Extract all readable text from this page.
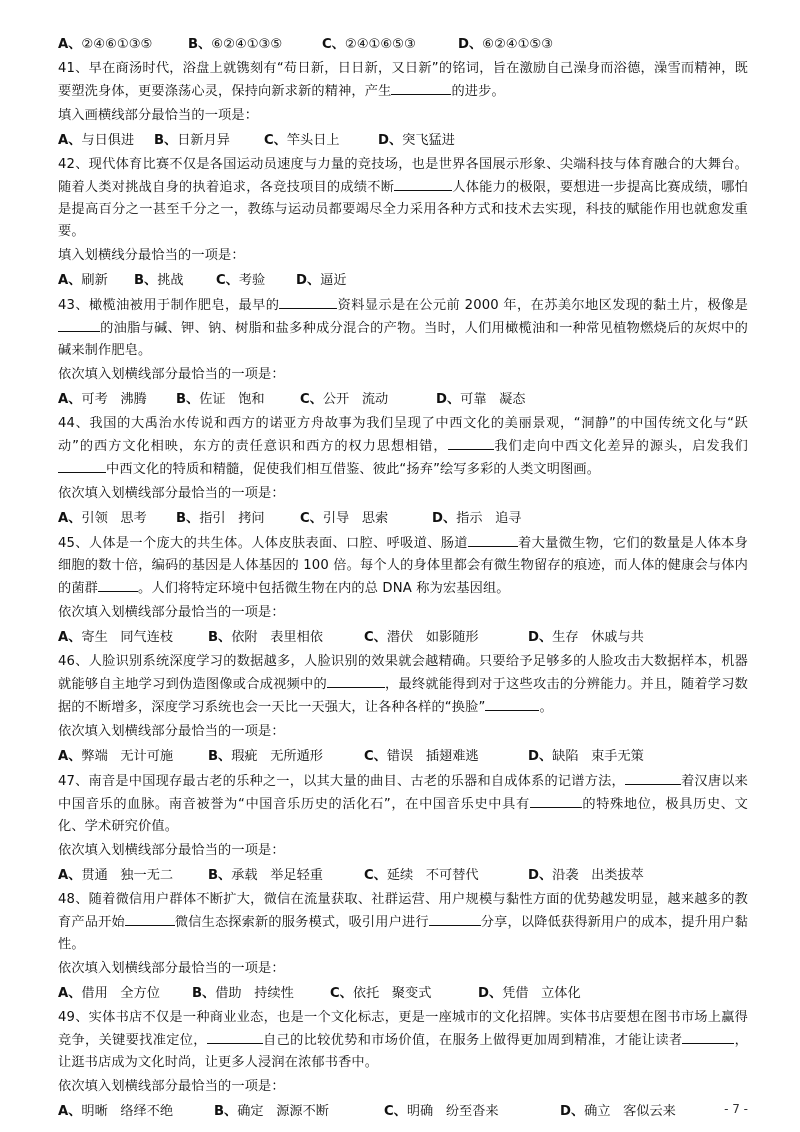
A、②④⑥①③⑤	B、⑥②④①③⑤	C、②④①⑥⑤③	D、⑥②④①⑤③

41、早在商汤时代，浴盘上就镌刻有“苟日新，日日新，又日新”的铭词，旨在激励自己澡身而浴德，澡雪而精神，既要塑洗身体，更要涤荡心灵，保持向新求新的精神，产生	的进步。

填入画横线部分最恰当的一项是：

A、与日俱进	B、日新月异	C、竿头日上	D、突飞猛进

42、现代体育比赛不仅是各国运动员速度与力量的竞技场，也是世界各国展示形象、尖端科技与体育融合的大舞台。随着人类对挑战自身的执着追求，各竞技项目的成绩不断	人体能力的极限，要想进一步提高比赛成绩，哪怕是提高百分之一甚至千分之一，教练与运动员都要竭尽全力采用各种方式和技术去实现，科技的赋能作用也就愈发重要。

填入划横线分最恰当的一项是：

A、刷新	B、挑战	C、考验	D、逼近

43、橄榄油被用于制作肥皂，最早的	资料显示是在公元前 2000 年，在苏美尔地区发现的黏土片，极像是的油脂与碱、钾、钠、树脂和盐多种成分混合的产物。当时，人们用橄榄油和一种常见植物燃烧后的灰烬中的碱来制作肥皂。

依次填入划横线部分最恰当的一项是：

A、可考   沸腾	B、佐证   饱和	C、公开   流动	D、可靠   凝态

44、我国的大禹治水传说和西方的诺亚方舟故事为我们呈现了中西文化的美丽景观，“洞静”的中国传统文化与“跃动”的西方文化相映，东方的责任意识和西方的权力思想相错，	我们走向中西文化差异的源头，启发我们中西文化的特质和精髓，促使我们相互借鉴、彼此“扬弃”绘写多彩的人类文明图画。

依次填入划横线部分最恰当的一项是：

A、引领   思考	B、指引   拷问	C、引导   思索	D、指示   追寻

45、人体是一个庞大的共生体。人体皮肤表面、口腔、呼吸道、肠道	着大量微生物，它们的数量是人体本身细胞的数十倍，编码的基因是人体基因的 100 倍。每个人的身体里都会有微生物留存的痕迹，而人体的健康会与体内的菌群	。人们将特定环境中包括微生物在内的总 DNA 称为宏基因组。

依次填入划横线部分最恰当的一项是：

A、寄生   同气连枝	B、依附   表里相依	C、潜伏   如影随形	D、生存   休戚与共

46、人脸识别系统深度学习的数据越多，人脸识别的效果就会越精确。只要给予足够多的人脸攻击大数据样本，机器就能够自主地学习到伪造图像或合成视频中的	，最终就能得到对于这些攻击的分辨能力。并且，随着学习数据的不断增多，深度学习系统也会一天比一天强大，让各种各样的“换脸”	。

依次填入划横线部分最恰当的一项是：

A、弊端   无计可施	B、瑕疵   无所遁形	C、错误   插翅难逃	D、缺陷   束手无策

47、南音是中国现存最古老的乐种之一，以其大量的曲目、古老的乐器和自成体系的记谱方法，	着汉唐以来中国音乐的血脉。南音被誉为“中国音乐历史的活化石”，在中国音乐史中具有	的特殊地位，极具历史、文化、学术研究价值。

依次填入划横线部分最恰当的一项是：

A、贯通   独一无二	B、承载   举足轻重	C、延续   不可替代	D、沿袭   出类拔萃

48、随着微信用户群体不断扩大，微信在流量获取、社群运营、用户规模与黏性方面的优势越发明显，越来越多的教育产品开始	微信生态探索新的服务模式，吸引用户进行	分享，以降低获得新用户的成本，提升用户黏性。

依次填入划横线部分最恰当的一项是：

A、借用   全方位	B、借助   持续性	C、依托   聚变式	D、凭借   立体化

49、实体书店不仅是一种商业业态，也是一个文化标志，更是一座城市的文化招牌。实体书店要想在图书市场上赢得竞争，关键要找准定位，	自己的比较优势和市场价值，在服务上做得更加周到精准，才能让读者	，让逛书店成为文化时尚，让更多人浸润在浓郁书香中。

依次填入划横线部分最恰当的一项是：

A、明晰   络绎不绝	B、确定   源源不断	C、明确   纷至沓来	D、确立   客似云来	- 7 -
